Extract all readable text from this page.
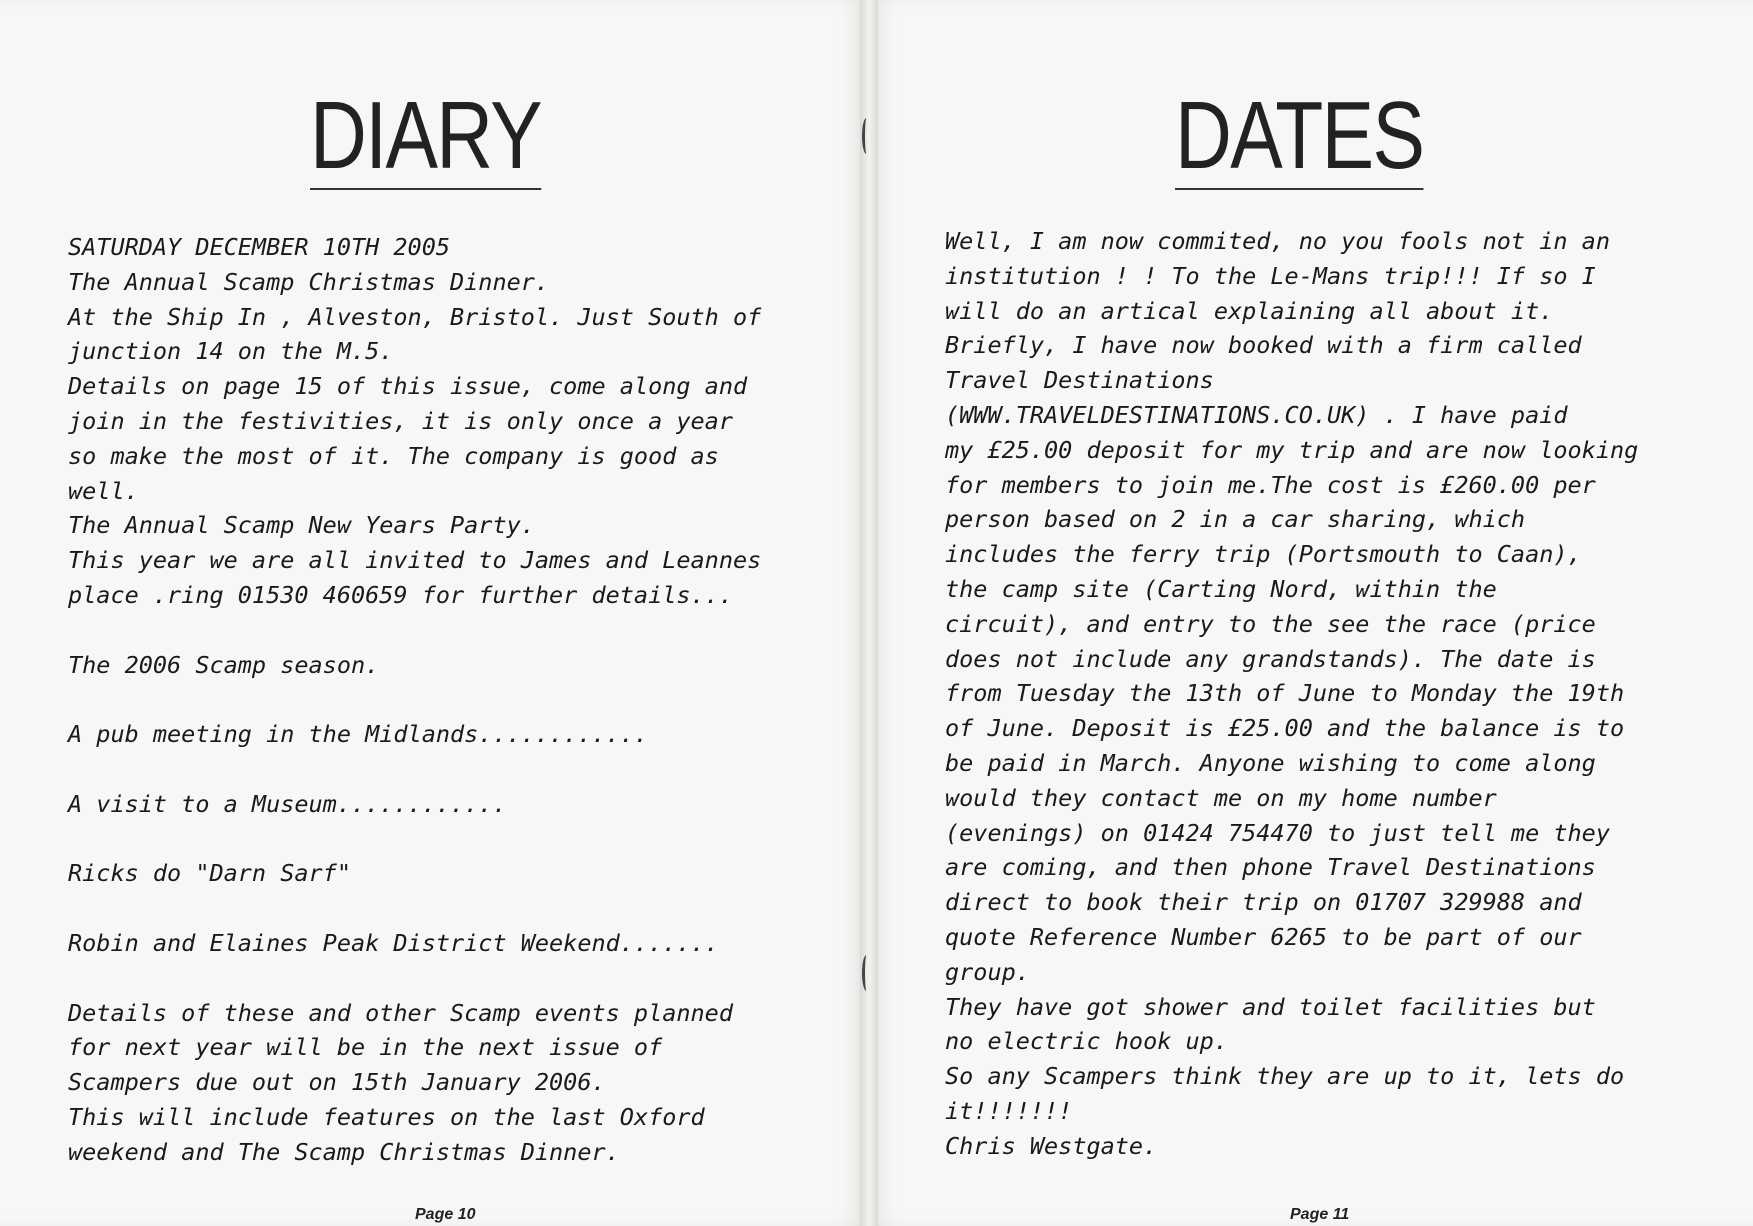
DIARY
SATURDAY DECEMBER 10TH 2005
The Annual Scamp Christmas Dinner.
At the Ship In , Alveston, Bristol. Just South of
junction 14 on the M.5.
Details on page 15 of this issue, come along and
join in the festivities, it is only once a year
so make the most of it. The company is good as
well.
The Annual Scamp New Years Party.
This year we are all invited to James and Leannes
place .ring 01530 460659 for further details...
The 2006 Scamp season.
A pub meeting in the Midlands............
A visit to a Museum............
Ricks do "Darn Sarf"
Robin and Elaines Peak District Weekend.......
Details of these and other Scamp events planned
for next year will be in the next issue of
Scampers due out on 15th January 2006.
This will include features on the last Oxford
weekend and The Scamp Christmas Dinner.
Page 10
DATES
Well, I am now commited, no you fools not in an
institution ! ! To the Le-Mans trip!!! If so I
will do an artical explaining all about it.
Briefly, I have now booked with a firm called
Travel Destinations
(WWW.TRAVELDESTINATIONS.CO.UK) . I have paid
my £25.00 deposit for my trip and are now looking
for members to join me.The cost is £260.00 per
person based on 2 in a car sharing, which
includes the ferry trip (Portsmouth to Caan),
the camp site (Carting Nord, within the
circuit), and entry to the see the race (price
does not include any grandstands). The date is
from Tuesday the 13th of June to Monday the 19th
of June. Deposit is £25.00 and the balance is to
be paid in March. Anyone wishing to come along
would they contact me on my home number
(evenings) on 01424 754470 to just tell me they
are coming, and then phone Travel Destinations
direct to book their trip on 01707 329988 and
quote Reference Number 6265 to be part of our
group.
They have got shower and toilet facilities but
no electric hook up.
So any Scampers think they are up to it, lets do
it!!!!!!!
Chris Westgate.
Page 11
